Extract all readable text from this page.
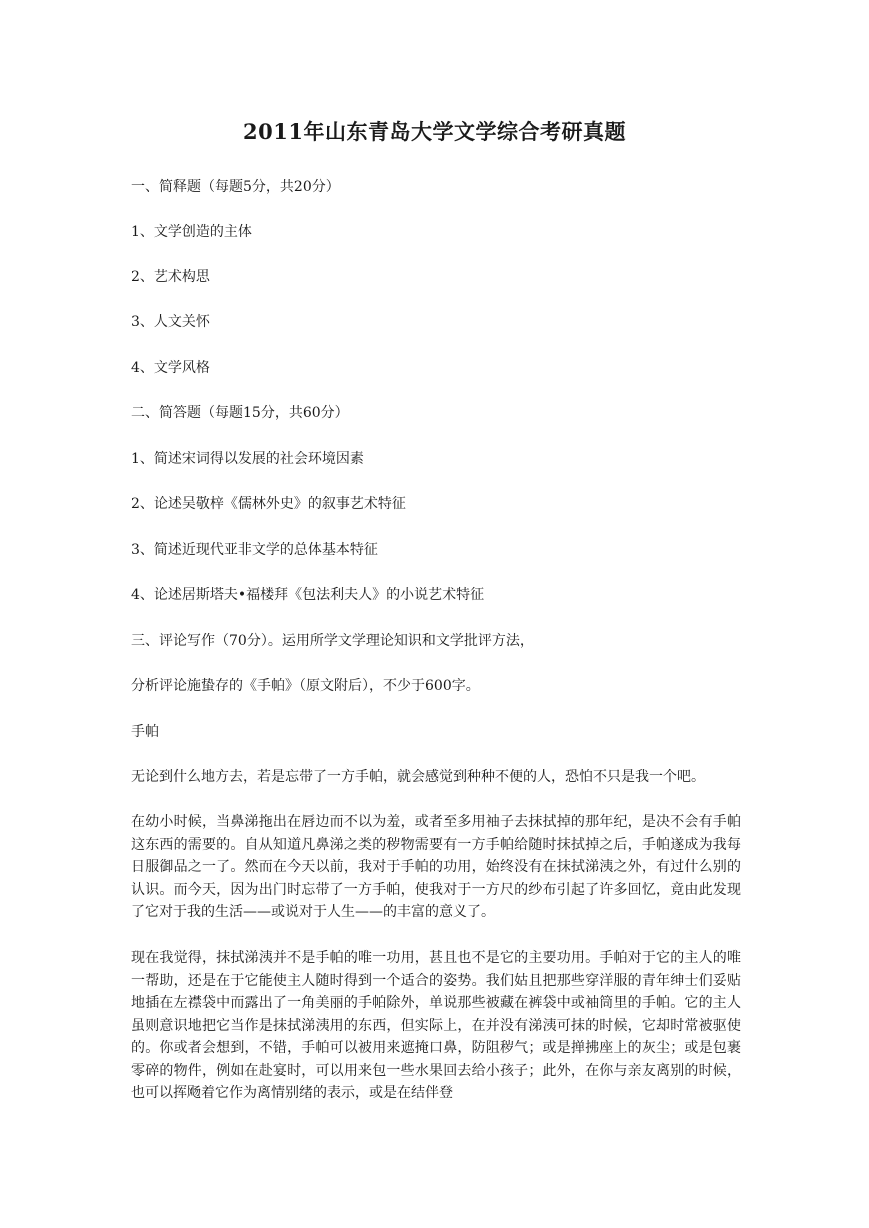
2011年山东青岛大学文学综合考研真题
一、简释题（每题5分，共20分）
1、文学创造的主体
2、艺术构思
3、人文关怀
4、文学风格
二、简答题（每题15分，共60分）
1、简述宋词得以发展的社会环境因素
2、论述吴敬梓《儒林外史》的叙事艺术特征
3、简述近现代亚非文学的总体基本特征
4、论述居斯塔夫•福楼拜《包法利夫人》的小说艺术特征
三、评论写作（70分）。运用所学文学理论知识和文学批评方法，
分析评论施蛰存的《手帕》（原文附后），不少于600字。
手帕
无论到什么地方去，若是忘带了一方手帕，就会感觉到种种不便的人，恐怕不只是我一个吧。
在幼小时候，当鼻涕拖出在唇边而不以为羞，或者至多用袖子去抹拭掉的那年纪，是决不会有手帕这东西的需要的。自从知道凡鼻涕之类的秽物需要有一方手帕给随时抹拭掉之后，手帕遂成为我每日服御品之一了。然而在今天以前，我对于手帕的功用，始终没有在抹拭涕洟之外，有过什么别的认识。而今天，因为出门时忘带了一方手帕，使我对于一方尺的纱布引起了许多回忆，竟由此发现了它对于我的生活——或说对于人生——的丰富的意义了。
现在我觉得，抹拭涕洟并不是手帕的唯一功用，甚且也不是它的主要功用。手帕对于它的主人的唯一帮助，还是在于它能使主人随时得到一个适合的姿势。我们姑且把那些穿洋服的青年绅士们妥贴地插在左襟袋中而露出了一角美丽的手帕除外，单说那些被藏在裤袋中或袖筒里的手帕。它的主人虽则意识地把它当作是抹拭涕洟用的东西，但实际上，在并没有涕洟可抹的时候，它却时常被驱使的。你或者会想到，不错，手帕可以被用来遮掩口鼻，防阻秽气；或是掸拂座上的灰尘；或是包裹零碎的物件，例如在赴宴时，可以用来包一些水果回去给小孩子；此外，在你与亲友离别的时候，也可以挥飏着它作为离情别绪的表示，或是在结伴登
